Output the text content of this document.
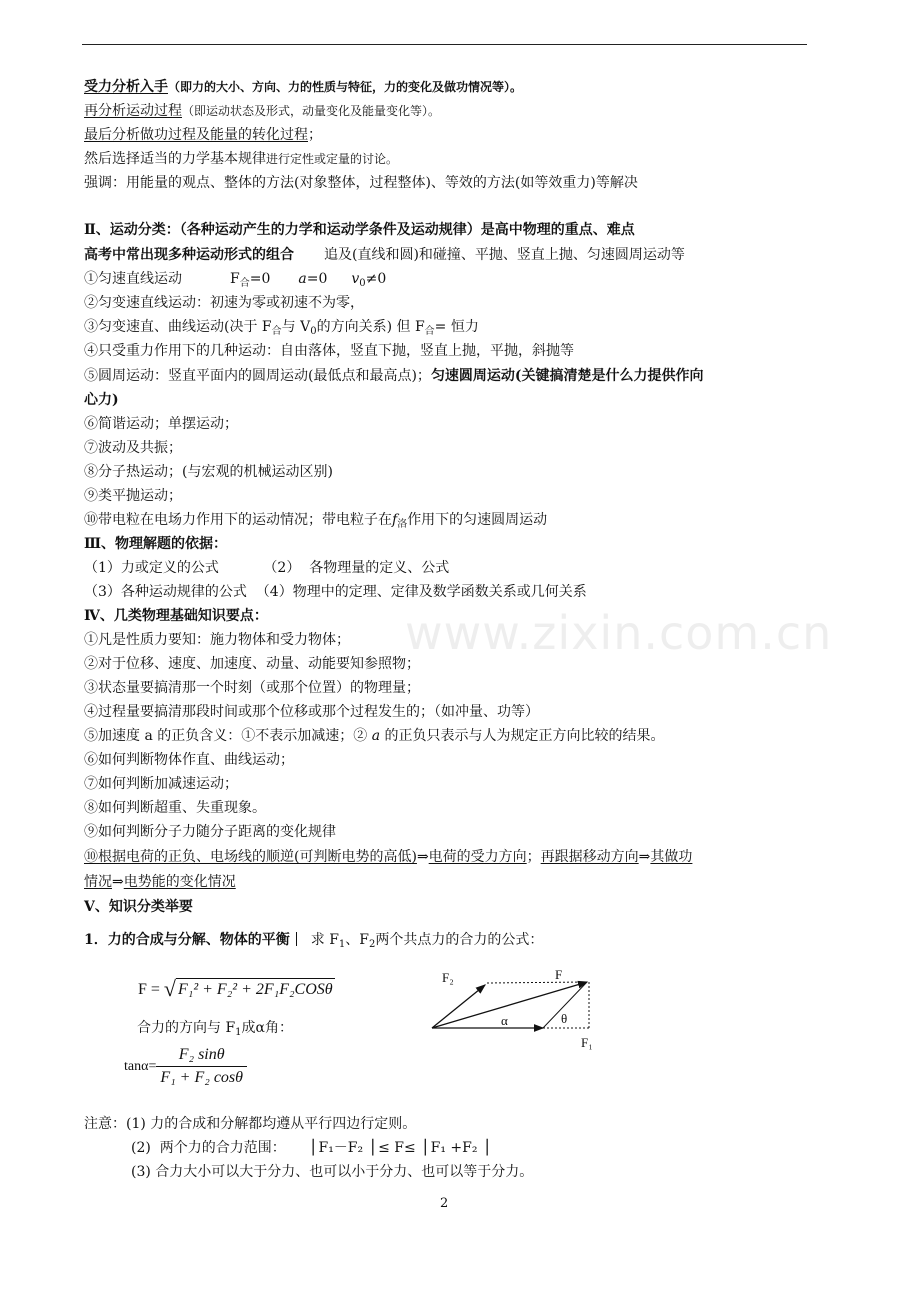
受力分析入手（即力的大小、方向、力的性质与特征，力的变化及做功情况等）。
再分析运动过程（即运动状态及形式，动量变化及能量变化等）。
最后分析做功过程及能量的转化过程；
然后选择适当的力学基本规律进行定性或定量的讨论。
强调：用能量的观点、整体的方法(对象整体，过程整体)、等效的方法(如等效重力)等解决
Ⅱ、运动分类：（各种运动产生的力学和运动学条件及运动规律）是高中物理的重点、难点
高考中常出现多种运动形式的组合 追及(直线和圆)和碰撞、平抛、竖直上抛、匀速圆周运动等
①匀速直线运动	$F_合=0$ a=0 $v_0\ne 0$
②匀变速直线运动：初速为零或初速不为零，
③匀变速直、曲线运动(决于 $F_合$与 $V_0$的方向关系) 但 $F_合=$ 恒力
④只受重力作用下的几种运动：自由落体，竖直下抛，竖直上抛，平抛，斜抛等
⑤圆周运动：竖直平面内的圆周运动(最低点和最高点)；匀速圆周运动(关键搞清楚是什么力提供作向
心力)
⑥简谐运动；单摆运动；
⑦波动及共振；
⑧分子热运动；(与宏观的机械运动区别)
⑨类平抛运动；
⑩带电粒在电场力作用下的运动情况；带电粒子在$f_洛$作用下的匀速圆周运动
Ⅲ、物理解题的依据：
（1）力或定义的公式          （2）  各物理量的定义、公式
（3）各种运动规律的公式  （4）物理中的定理、定律及数学函数关系或几何关系
Ⅳ、几类物理基础知识要点：
①凡是性质力要知：施力物体和受力物体；
②对于位移、速度、加速度、动量、动能要知参照物；
③状态量要搞清那一个时刻（或那个位置）的物理量；
④过程量要搞清那段时间或那个位移或那个过程发生的；（如冲量、功等）
⑤加速度 a 的正负含义：①不表示加减速；② a 的正负只表示与人为规定正方向比较的结果。
⑥如何判断物体作直、曲线运动；
⑦如何判断加减速运动；
⑧如何判断超重、失重现象。
⑨如何判断分子力随分子距离的变化规律
⑩根据电荷的正负、电场线的顺逆(可判断电势的高低)⇒电荷的受力方向；再跟据移动方向⇒其做功
情况⇒电势能的变化情况
V、知识分类举要
1．力的合成与分解、物体的平衡 求 $F_1$、$F_2$两个共点力的合力的公式：
F = √ F₁² + F₂² + 2F₁F₂COSθ
合力的方向与 $F_1$成α角：
$\tan\alpha= \frac{\text{F₂ sinθ}}{\text{F₁ + F₂ cosθ}}$
F₂	F
α	θ
F₁
注意：(1) 力的合成和分解都均遵从平行四边行定则。
(2)  两个力的合力范围：     ⎪F₁－F₂ ⎪≤ F≤ ⎪F₁ +F₂ ⎪
(3) 合力大小可以大于分力、也可以小于分力、也可以等于分力。
www.zixin.com.cn
2
